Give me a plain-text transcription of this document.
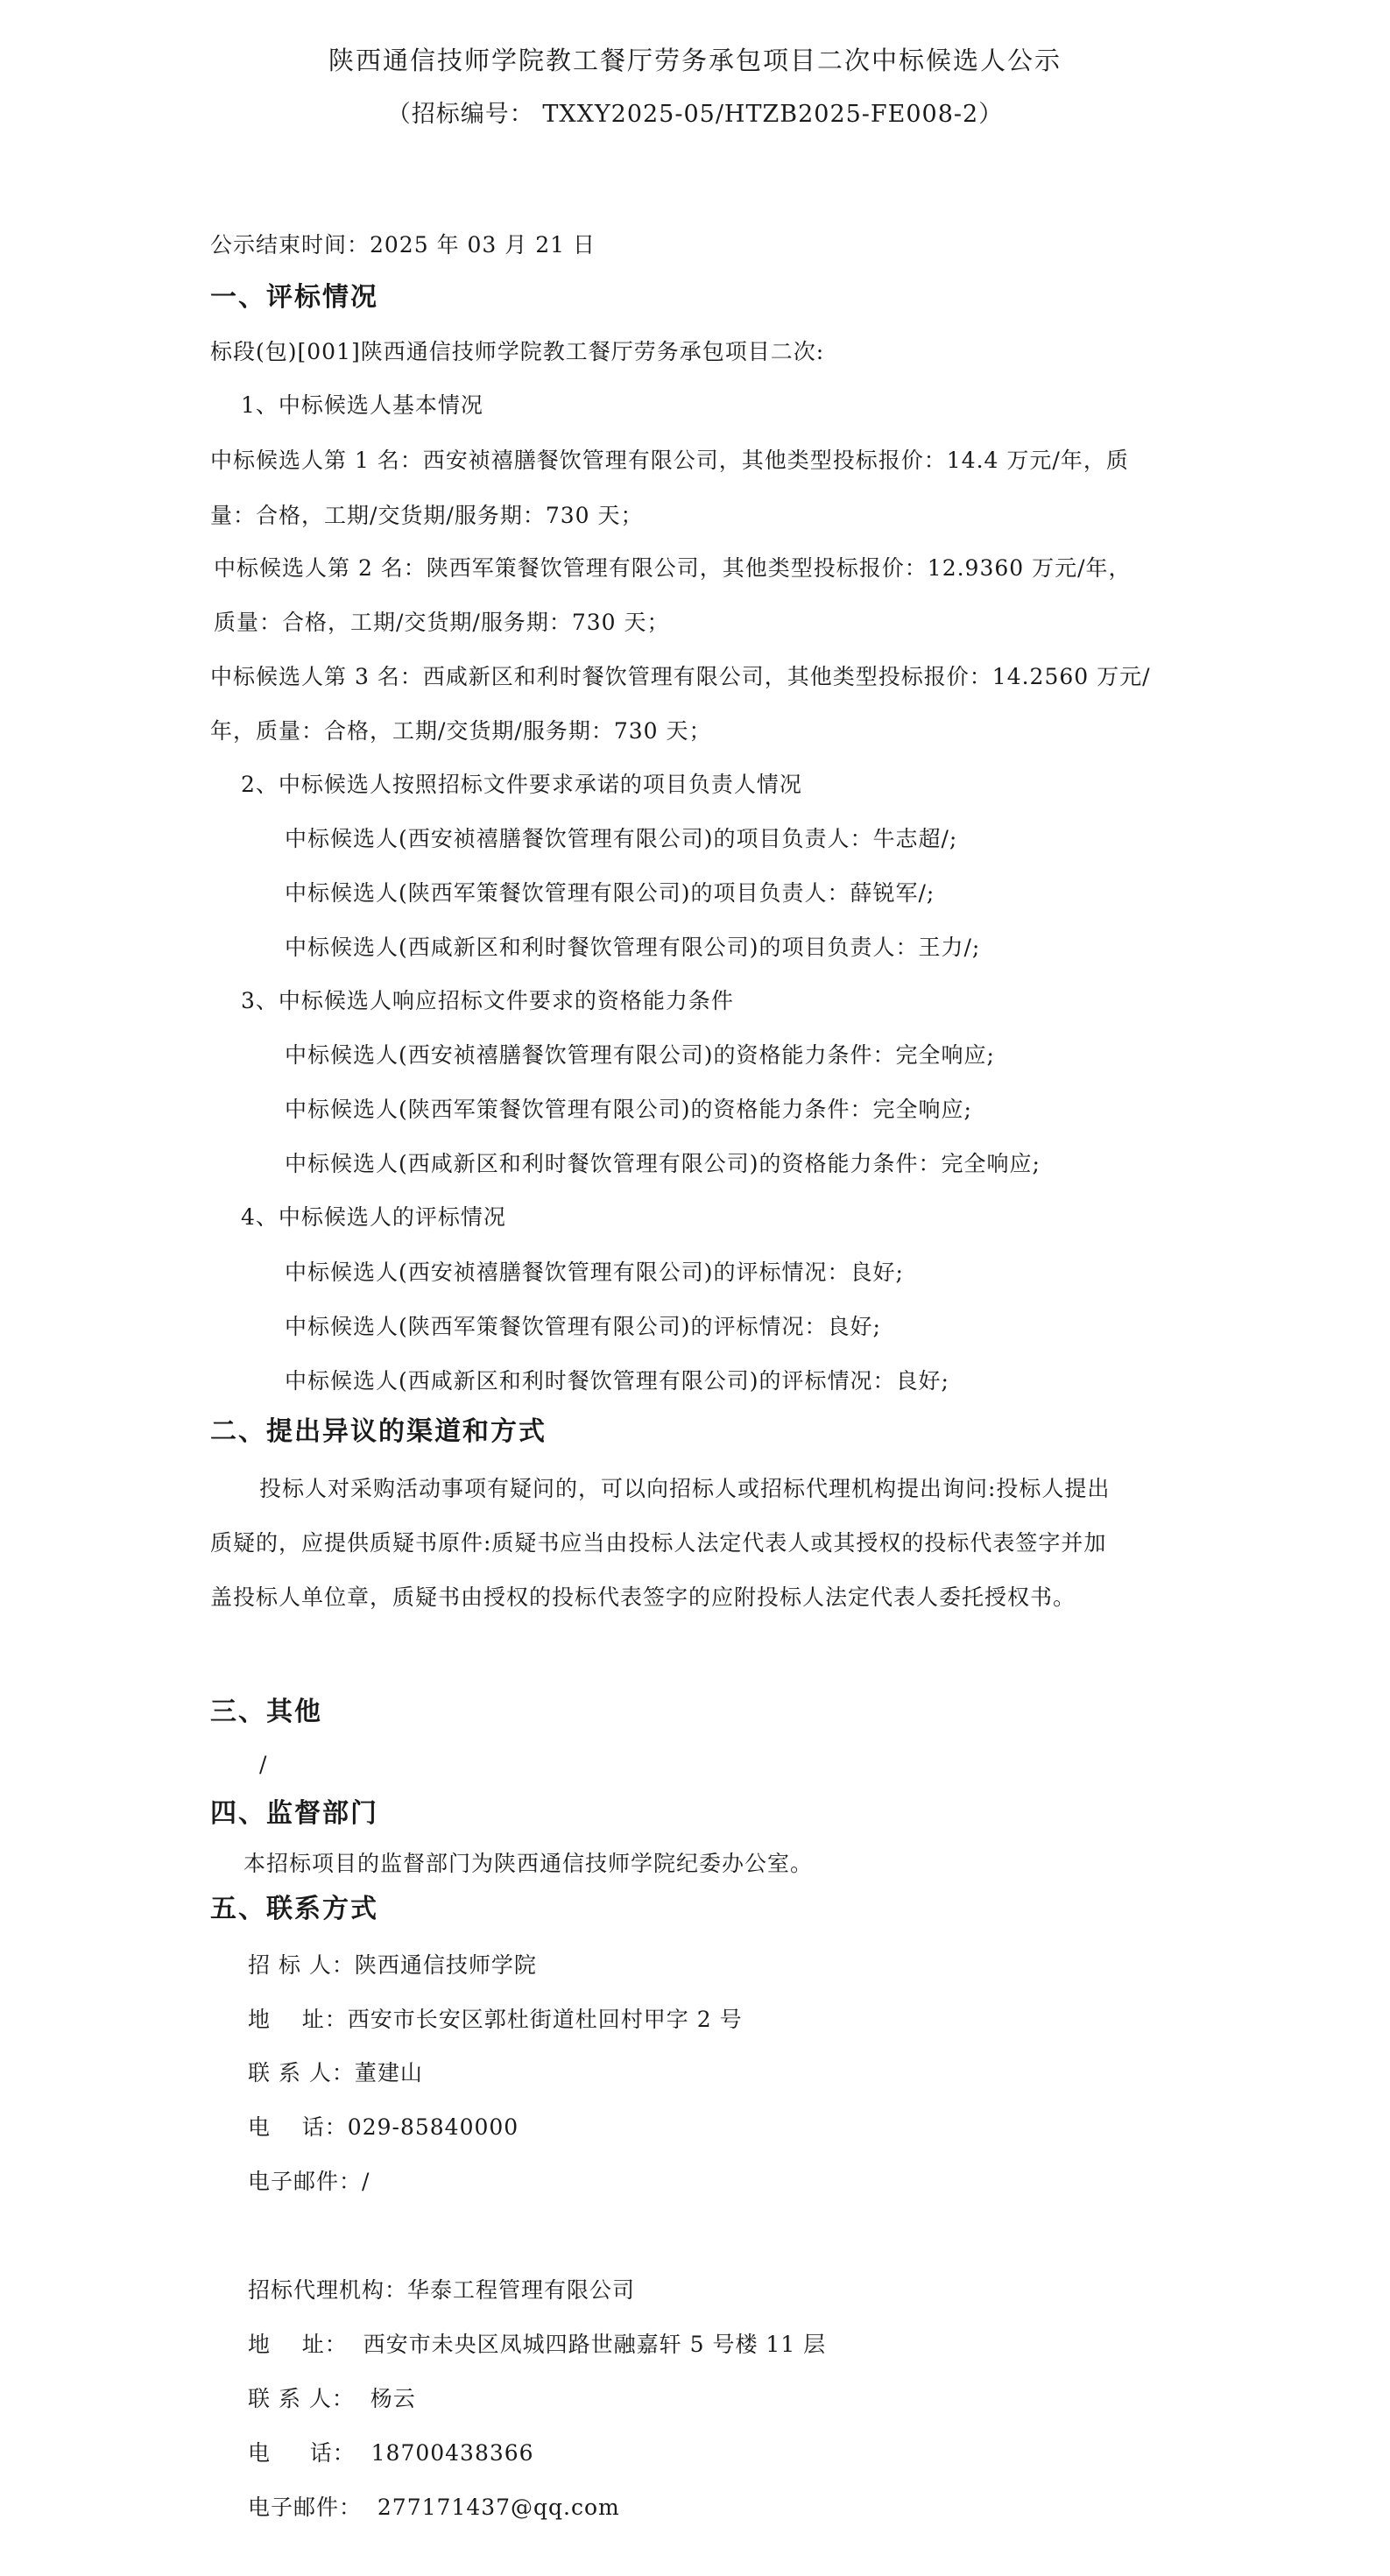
陕西通信技师学院教工餐厅劳务承包项目二次中标候选人公示
（招标编号： TXXY2025-05/HTZB2025-FE008-2）
公示结束时间：2025 年 03 月 21 日
一、评标情况
标段(包)[001]陕西通信技师学院教工餐厅劳务承包项目二次:
1、中标候选人基本情况
中标候选人第 1 名：西安祯禧膳餐饮管理有限公司，其他类型投标报价：14.4 万元/年，质
量：合格，工期/交货期/服务期：730 天；
中标候选人第 2 名：陕西军策餐饮管理有限公司，其他类型投标报价：12.9360 万元/年，
质量：合格，工期/交货期/服务期：730 天；
中标候选人第 3 名：西咸新区和利时餐饮管理有限公司，其他类型投标报价：14.2560 万元/
年，质量：合格，工期/交货期/服务期：730 天；
2、中标候选人按照招标文件要求承诺的项目负责人情况
中标候选人(西安祯禧膳餐饮管理有限公司)的项目负责人：牛志超/;
中标候选人(陕西军策餐饮管理有限公司)的项目负责人：薛锐军/;
中标候选人(西咸新区和利时餐饮管理有限公司)的项目负责人：王力/;
3、中标候选人响应招标文件要求的资格能力条件
中标候选人(西安祯禧膳餐饮管理有限公司)的资格能力条件：完全响应;
中标候选人(陕西军策餐饮管理有限公司)的资格能力条件：完全响应;
中标候选人(西咸新区和利时餐饮管理有限公司)的资格能力条件：完全响应;
4、中标候选人的评标情况
中标候选人(西安祯禧膳餐饮管理有限公司)的评标情况：良好;
中标候选人(陕西军策餐饮管理有限公司)的评标情况：良好;
中标候选人(西咸新区和利时餐饮管理有限公司)的评标情况：良好;
二、提出异议的渠道和方式
投标人对采购活动事项有疑问的，可以向招标人或招标代理机构提出询问:投标人提出
质疑的，应提供质疑书原件:质疑书应当由投标人法定代表人或其授权的投标代表签字并加
盖投标人单位章，质疑书由授权的投标代表签字的应附投标人法定代表人委托授权书。
三、其他
/
四、监督部门
本招标项目的监督部门为陕西通信技师学院纪委办公室。
五、联系方式
招 标 人：陕西通信技师学院
地    址：西安市长安区郭杜街道杜回村甲字 2 号
联 系 人：董建山
电    话：029-85840000
电子邮件：/
招标代理机构：华泰工程管理有限公司
地    址：  西安市未央区凤城四路世融嘉轩 5 号楼 11 层
联 系 人：  杨云
电     话：  18700438366
电子邮件：  277171437@qq.com
